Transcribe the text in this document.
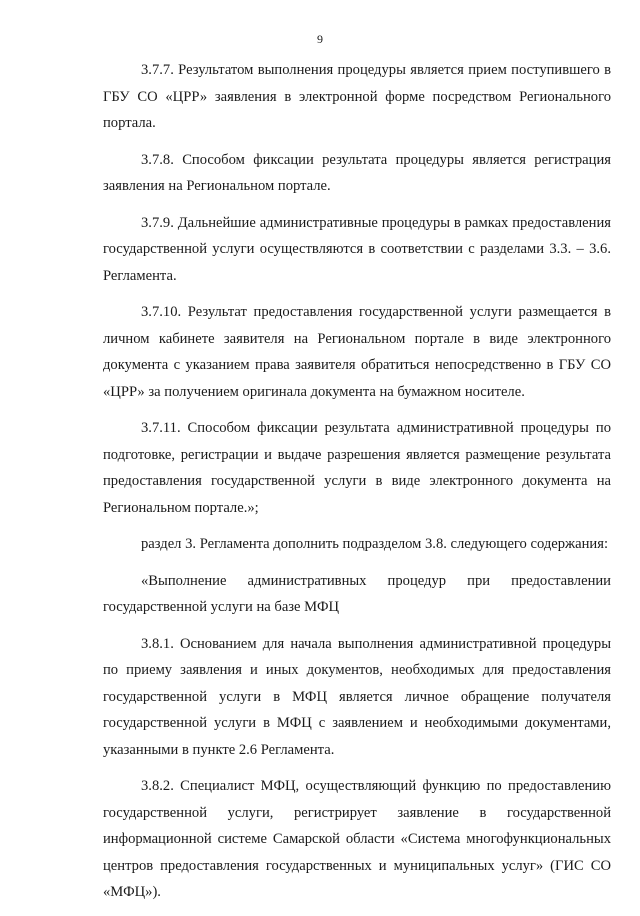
9

3.7.7. Результатом выполнения процедуры является прием поступившего в ГБУ СО «ЦРР» заявления в электронной форме посредством Регионального портала.

3.7.8. Способом фиксации результата процедуры является регистрация заявления на Региональном портале.

3.7.9. Дальнейшие административные процедуры в рамках предоставления государственной услуги осуществляются в соответствии с разделами 3.3. – 3.6. Регламента.

3.7.10. Результат предоставления государственной услуги размещается в личном кабинете заявителя на Региональном портале в виде электронного документа с указанием права заявителя обратиться непосредственно в ГБУ СО «ЦРР» за получением оригинала документа на бумажном носителе.

3.7.11. Способом фиксации результата административной процедуры по подготовке, регистрации и выдаче разрешения является размещение результата предоставления государственной услуги в виде электронного документа на Региональном портале.»;

раздел 3. Регламента дополнить подразделом 3.8. следующего содержания:

«Выполнение административных процедур при предоставлении государственной услуги на базе МФЦ

3.8.1. Основанием для начала выполнения административной процедуры по приему заявления и иных документов, необходимых для предоставления государственной услуги в МФЦ является личное обращение получателя государственной услуги в МФЦ с заявлением и необходимыми документами, указанными в пункте 2.6 Регламента.

3.8.2. Специалист МФЦ, осуществляющий функцию по предоставлению государственной услуги, регистрирует заявление в государственной информационной системе Самарской области «Система многофункциональных центров предоставления государственных и муниципальных услуг» (ГИС СО «МФЦ»).
